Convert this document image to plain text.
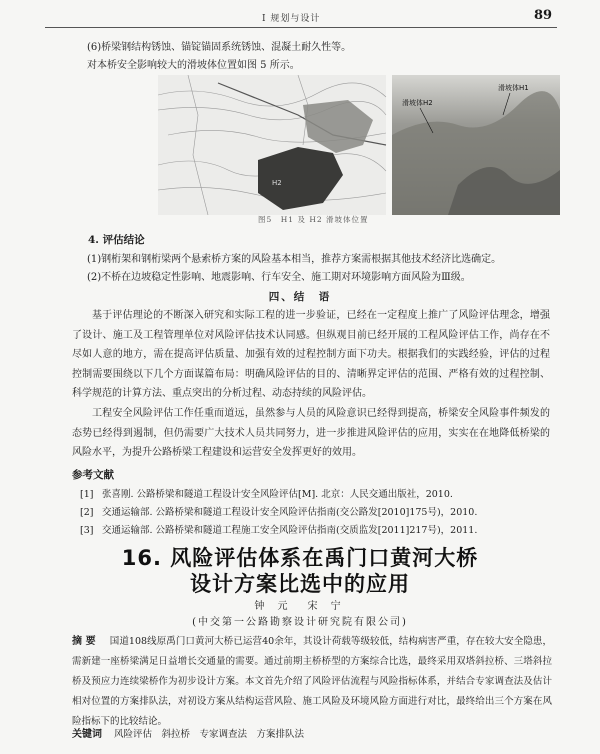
Ⅰ 规划与设计	89
(6)桥梁钢结构锈蚀、锚锭锚固系统锈蚀、混凝土耐久性等。
对本桥安全影响较大的滑坡体位置如图 5 所示。
H2
滑坡体H1
滑坡体H2
图5　H1 及 H2 滑坡体位置
4. 评估结论
(1)钢桁架和钢桁梁两个悬索桥方案的风险基本相当，推荐方案需根据其他技术经济比选确定。
(2)不桥在边坡稳定性影响、地震影响、行车安全、施工期对环境影响方面风险为Ⅲ级。
四、结　语
基于评估理论的不断深入研究和实际工程的进一步验证，已经在一定程度上推广了风险评估理念，增强了设计、施工及工程管理单位对风险评估技术认同感。但纵观目前已经开展的工程风险评估工作，尚存在不尽如人意的地方，需在提高评估质量、加强有效的过程控制方面下功夫。根据我们的实践经验，评估的过程控制需要围绕以下几个方面谋篇布局：明确风险评估的目的、清晰界定评估的范围、严格有效的过程控制、科学规范的计算方法、重点突出的分析过程、动态持续的风险评估。
工程安全风险评估工作任重而道远，虽然参与人员的风险意识已经得到提高，桥梁安全风险事件频发的态势已经得到遏制，但仍需要广大技术人员共同努力，进一步推进风险评估的应用，实实在在地降低桥梁的风险水平，为提升公路桥梁工程建设和运营安全发挥更好的效用。
参考文献
[1] 张喜刚. 公路桥梁和隧道工程设计安全风险评估[M]. 北京：人民交通出版社，2010.
[2] 交通运输部. 公路桥梁和隧道工程设计安全风险评估指南(交公路发[2010]175号)，2010.
[3] 交通运输部. 公路桥梁和隧道工程施工安全风险评估指南(交质监发[2011]217号)，2011.
16. 风险评估体系在禹门口黄河大桥
设计方案比选中的应用
钟 元　宋 宁
(中交第一公路勘察设计研究院有限公司)
摘 要 国道108线原禹门口黄河大桥已运营40余年，其设计荷载等级较低，结构病害严重，存在较大安全隐患，需新建一座桥梁满足日益增长交通量的需要。通过前期主桥桥型的方案综合比选，最终采用双塔斜拉桥、三塔斜拉桥及预应力连续梁桥作为初步设计方案。本文首先介绍了风险评估流程与风险指标体系，并结合专家调查法及估计相对位置的方案排队法，对初设方案从结构运营风险、施工风险及环境风险方面进行对比，最终给出三个方案在风险指标下的比较结论。
关键词 风险评估　斜拉桥　专家调查法　方案排队法
